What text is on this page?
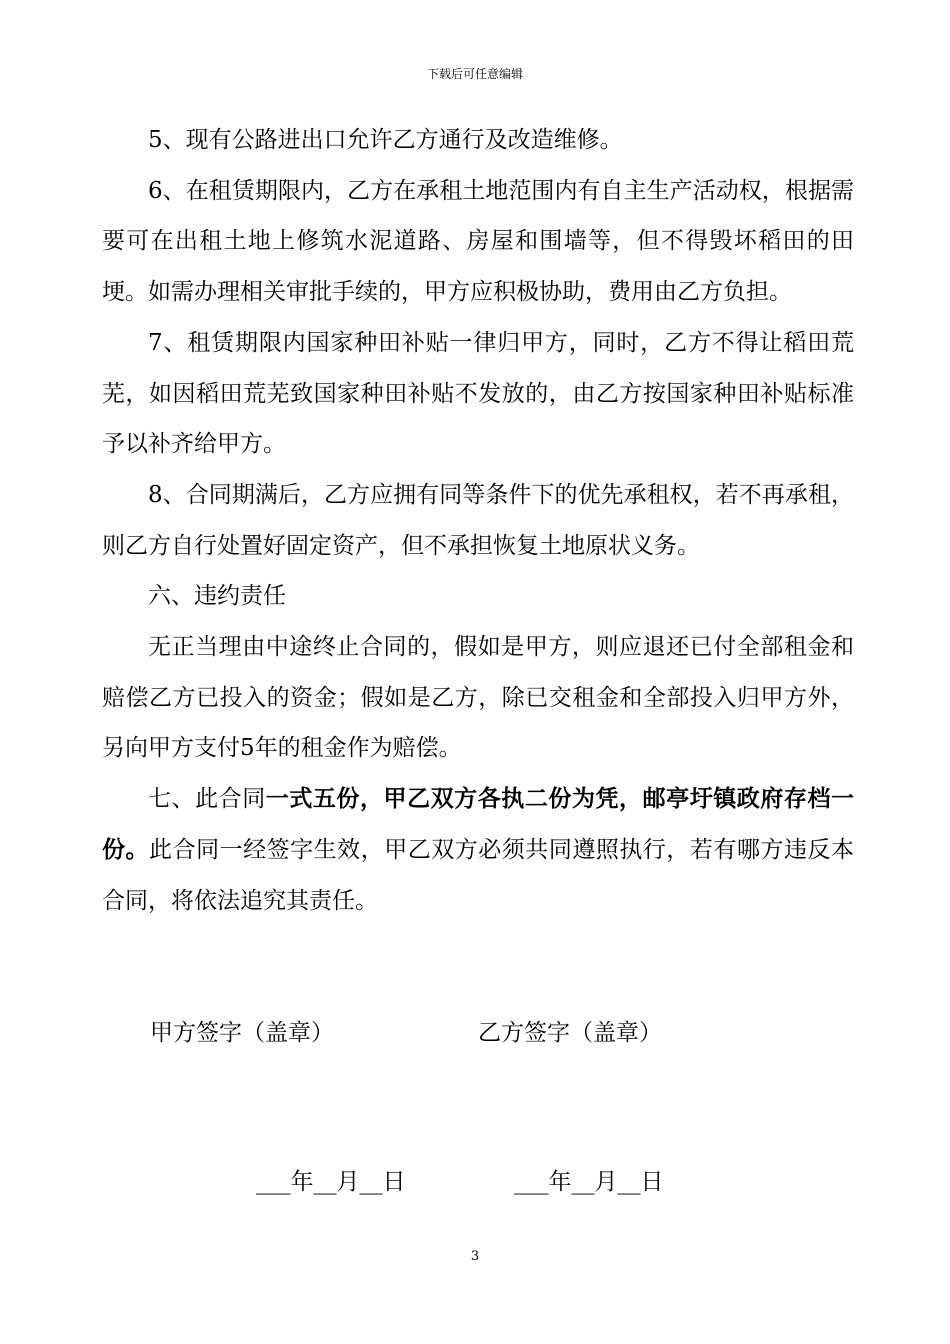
下载后可任意编辑

5、现有公路进出口允许乙方通行及改造维修。

6、在租赁期限内，乙方在承租土地范围内有自主生产活动权，根据需要可在出租土地上修筑水泥道路、房屋和围墙等，但不得毁坏稻田的田埂。如需办理相关审批手续的，甲方应积极协助，费用由乙方负担。

7、租赁期限内国家种田补贴一律归甲方，同时，乙方不得让稻田荒芜，如因稻田荒芜致国家种田补贴不发放的，由乙方按国家种田补贴标准予以补齐给甲方。

8、合同期满后，乙方应拥有同等条件下的优先承租权，若不再承租，则乙方自行处置好固定资产，但不承担恢复土地原状义务。

六、违约责任

无正当理由中途终止合同的，假如是甲方，则应退还已付全部租金和赔偿乙方已投入的资金；假如是乙方，除已交租金和全部投入归甲方外，另向甲方支付5年的租金作为赔偿。

七、此合同一式五份，甲乙双方各执二份为凭，邮亭圩镇政府存档一份。此合同一经签字生效，甲乙双方必须共同遵照执行，若有哪方违反本合同，将依法追究其责任。

甲方签字（盖章）	乙方签字（盖章）
___年__月__日	___年__月__日
3
